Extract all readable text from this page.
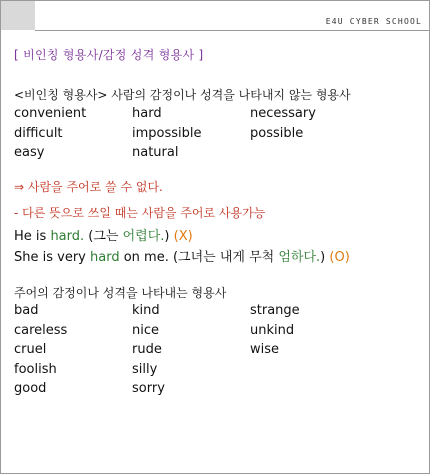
E4U CYBER SCHOOL
[ 비인칭 형용사/감정 성격 형용사 ]
<비인칭 형용사> 사람의 감정이나 성격을 나타내지 않는 형용사
convenient	hard	necessary
difficult	impossible	possible
easy	natural
⇒ 사람을 주어로 쓸 수 없다.
- 다른 뜻으로 쓰일 때는 사람을 주어로 사용가능
He is hard. (그는 어렵다.) (X)
She is very hard on me. (그녀는 내게 무척 엄하다.) (O)
주어의 감정이나 성격을 나타내는 형용사
bad	kind	strange
careless	nice	unkind
cruel	rude	wise
foolish	silly
good	sorry
